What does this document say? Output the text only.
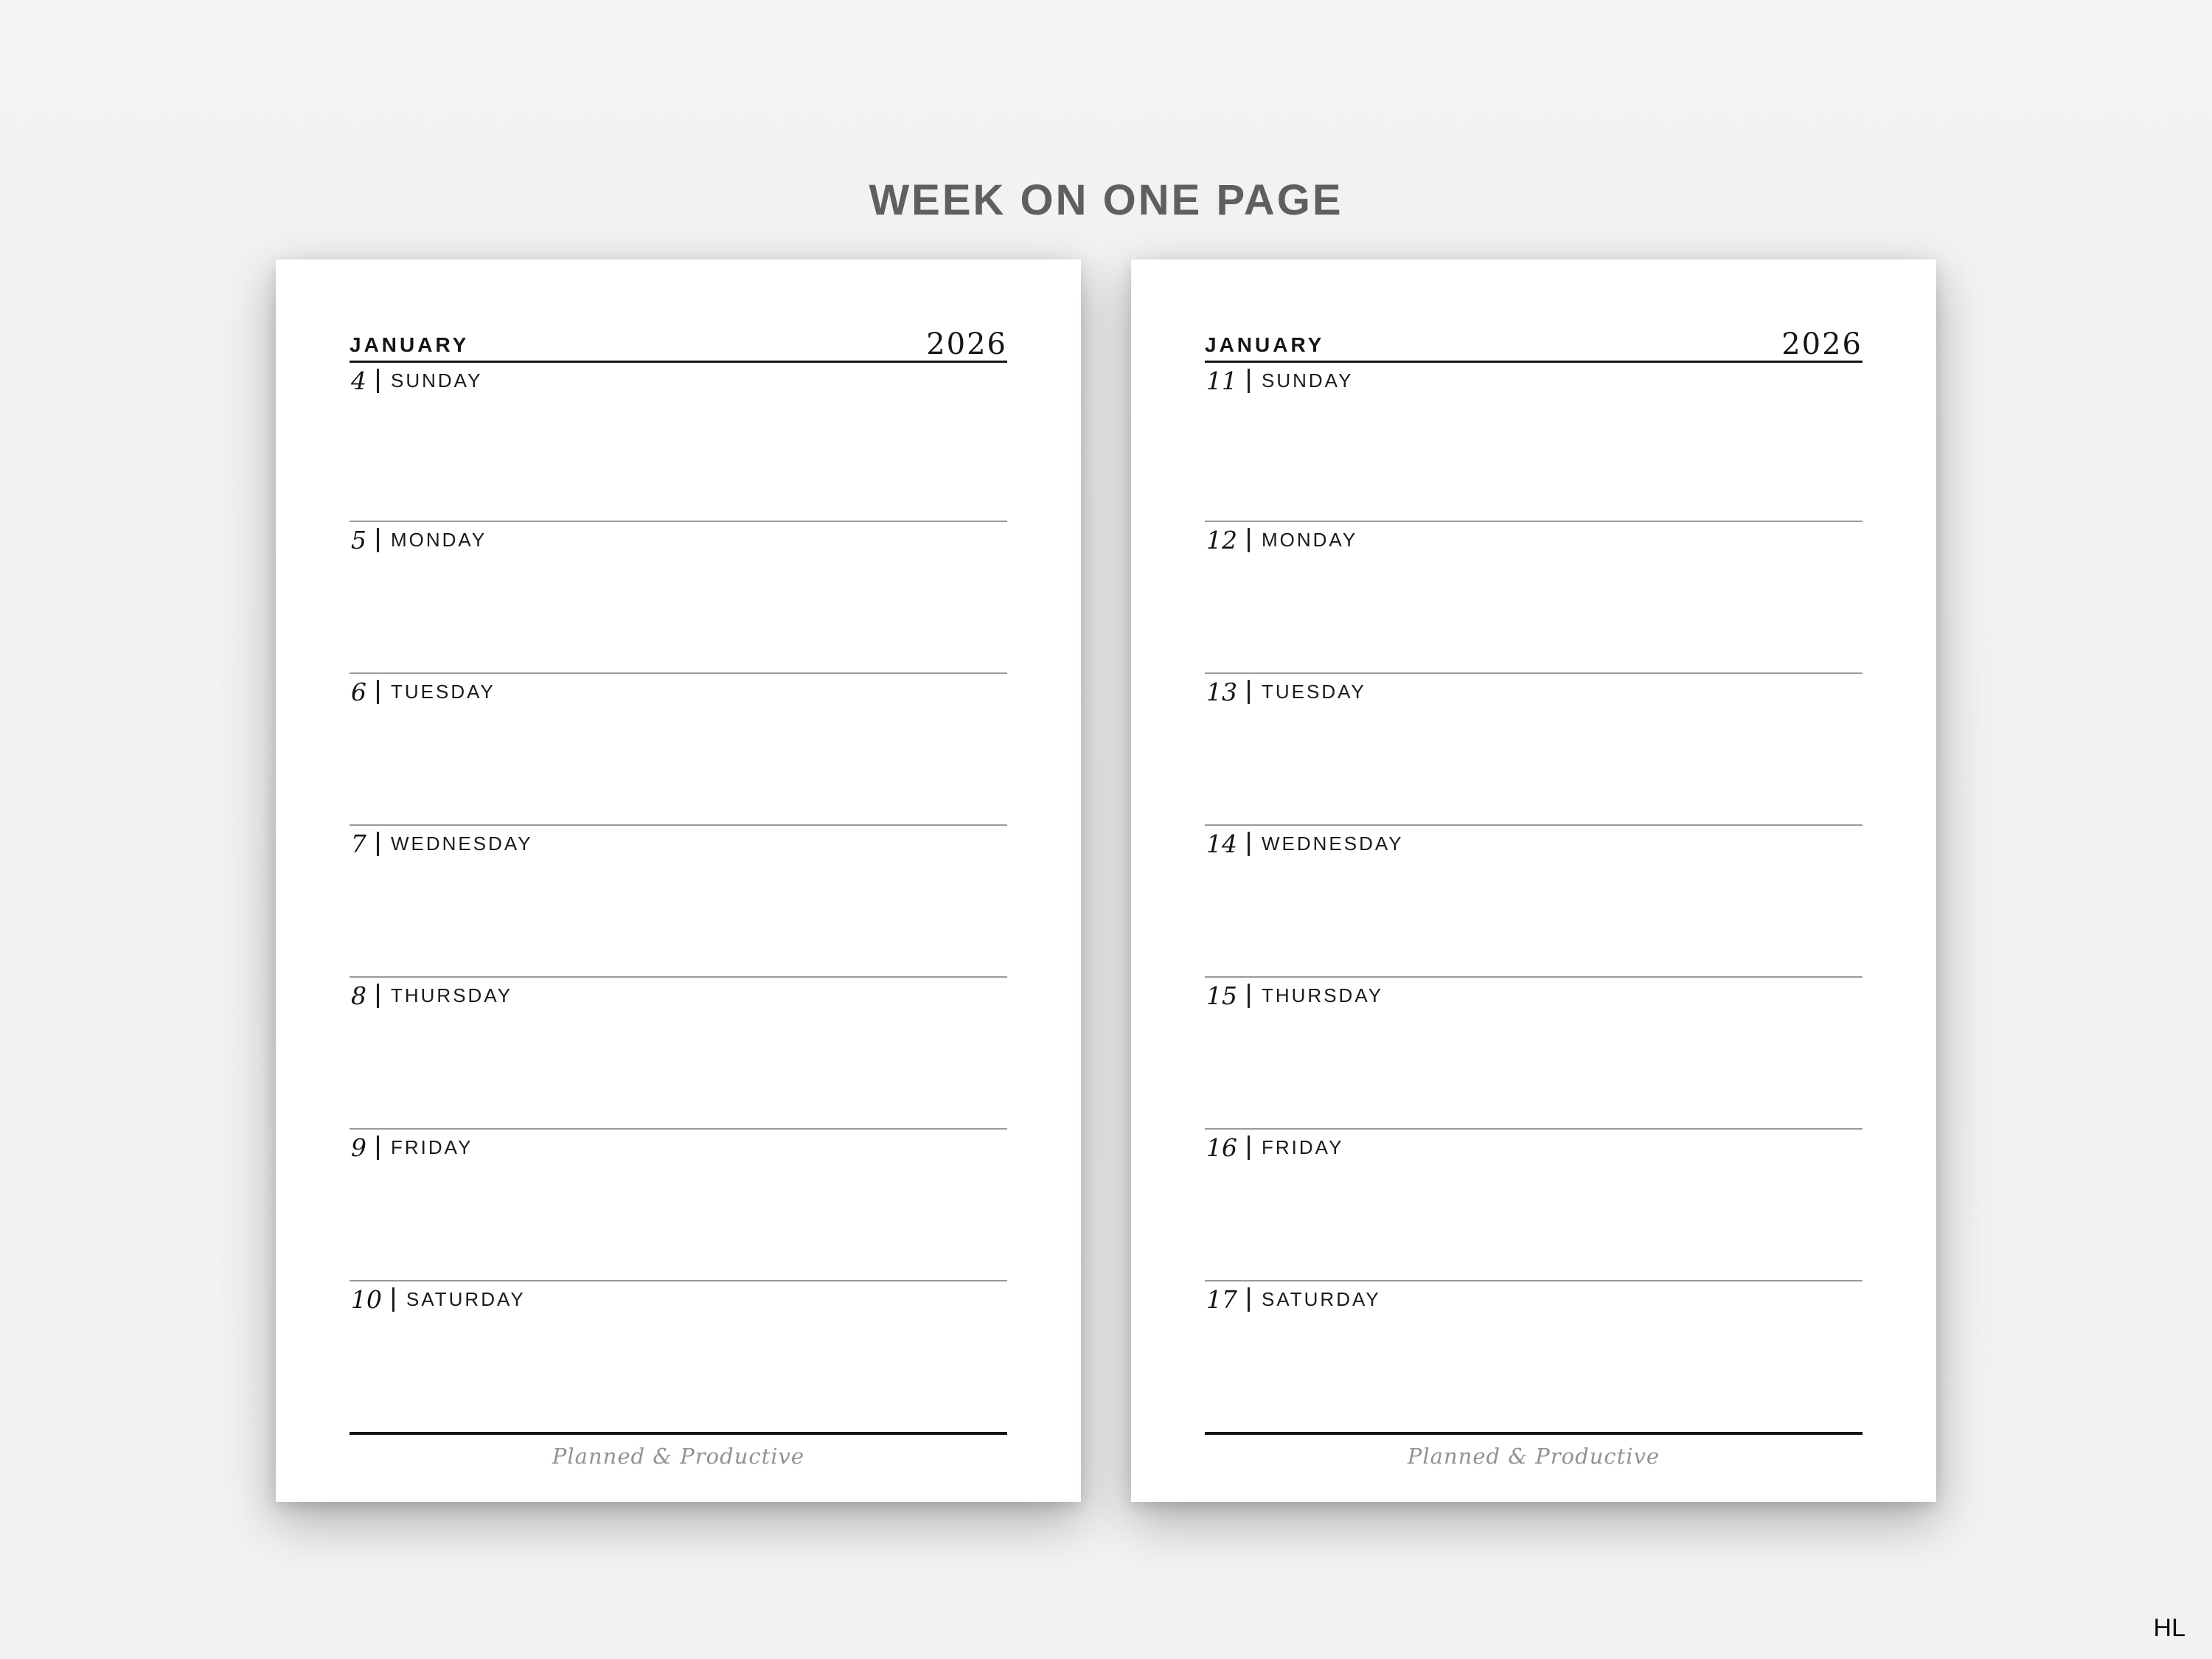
WEEK ON ONE PAGE
JANUARY	2026
4 SUNDAY
5 MONDAY
6 TUESDAY
7 WEDNESDAY
8 THURSDAY
9 FRIDAY
10 SATURDAY
Planned & Productive
JANUARY	2026
11 SUNDAY
12 MONDAY
13 TUESDAY
14 WEDNESDAY
15 THURSDAY
16 FRIDAY
17 SATURDAY
Planned & Productive
HL
